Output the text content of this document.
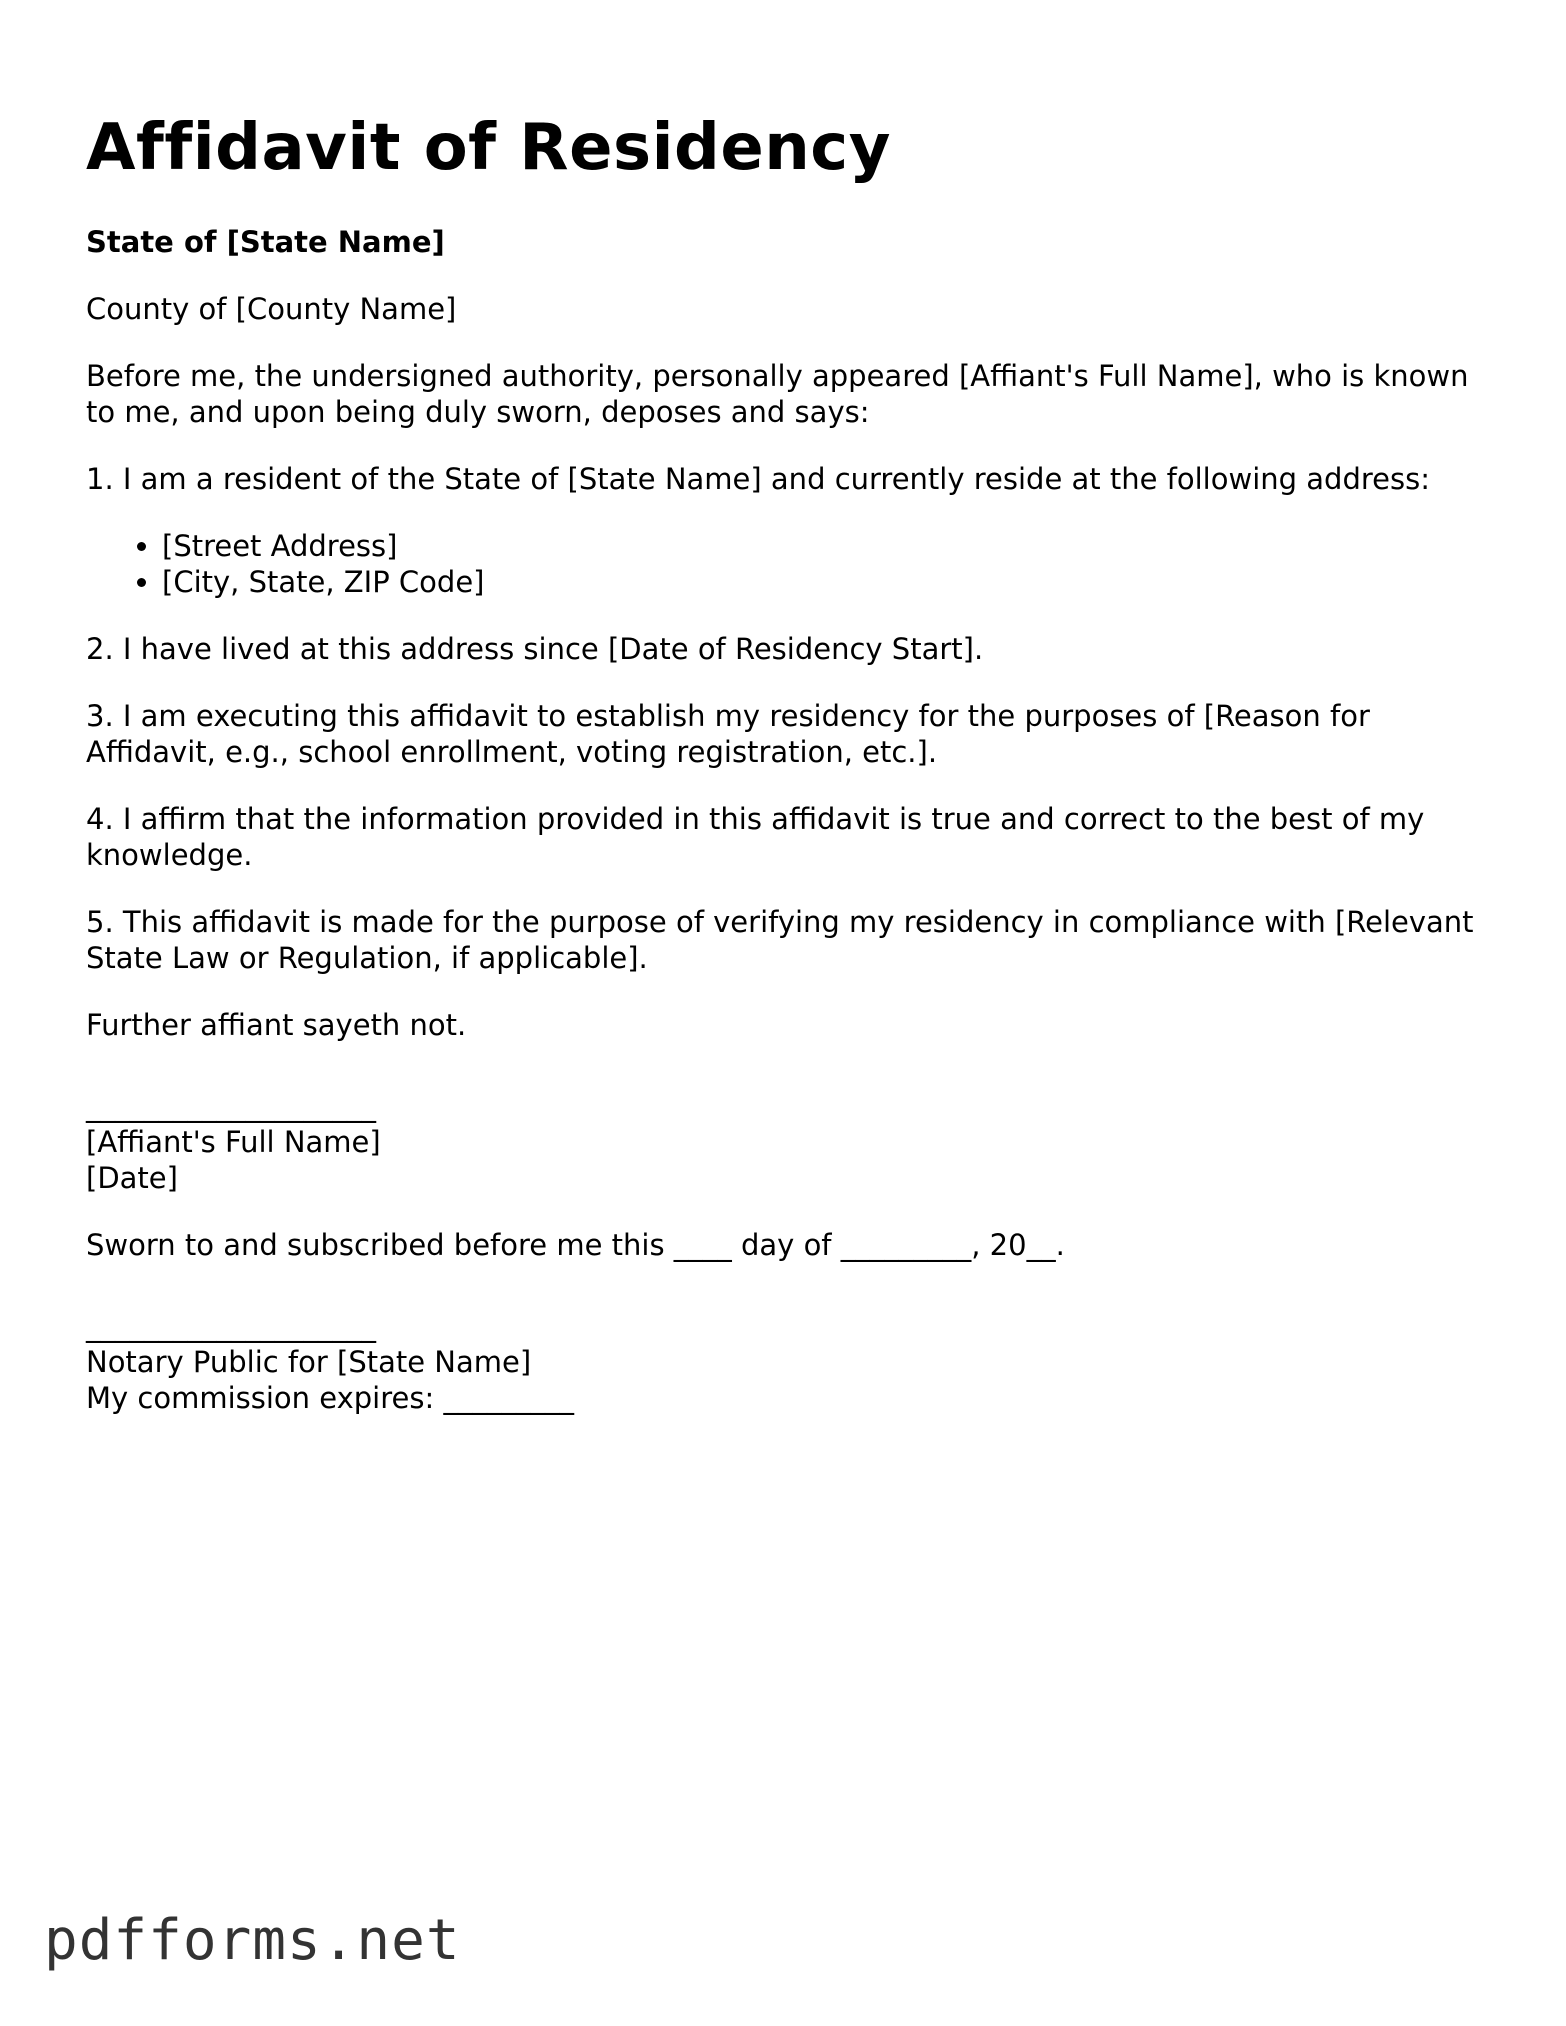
Affidavit of Residency

State of [State Name]

County of [County Name]

Before me, the undersigned authority, personally appeared [Affiant's Full Name], who is known to me, and upon being duly sworn, deposes and says:

1. I am a resident of the State of [State Name] and currently reside at the following address:

• [Street Address]
• [City, State, ZIP Code]

2. I have lived at this address since [Date of Residency Start].

3. I am executing this affidavit to establish my residency for the purposes of [Reason for Affidavit, e.g., school enrollment, voting registration, etc.].

4. I affirm that the information provided in this affidavit is true and correct to the best of my knowledge.

5. This affidavit is made for the purpose of verifying my residency in compliance with [Relevant State Law or Regulation, if applicable].

Further affiant sayeth not.

____________________

[Affiant's Full Name]

[Date]

Sworn to and subscribed before me this ____ day of _________, 20__.

____________________

Notary Public for [State Name]

My commission expires: _________

pdfforms.net
